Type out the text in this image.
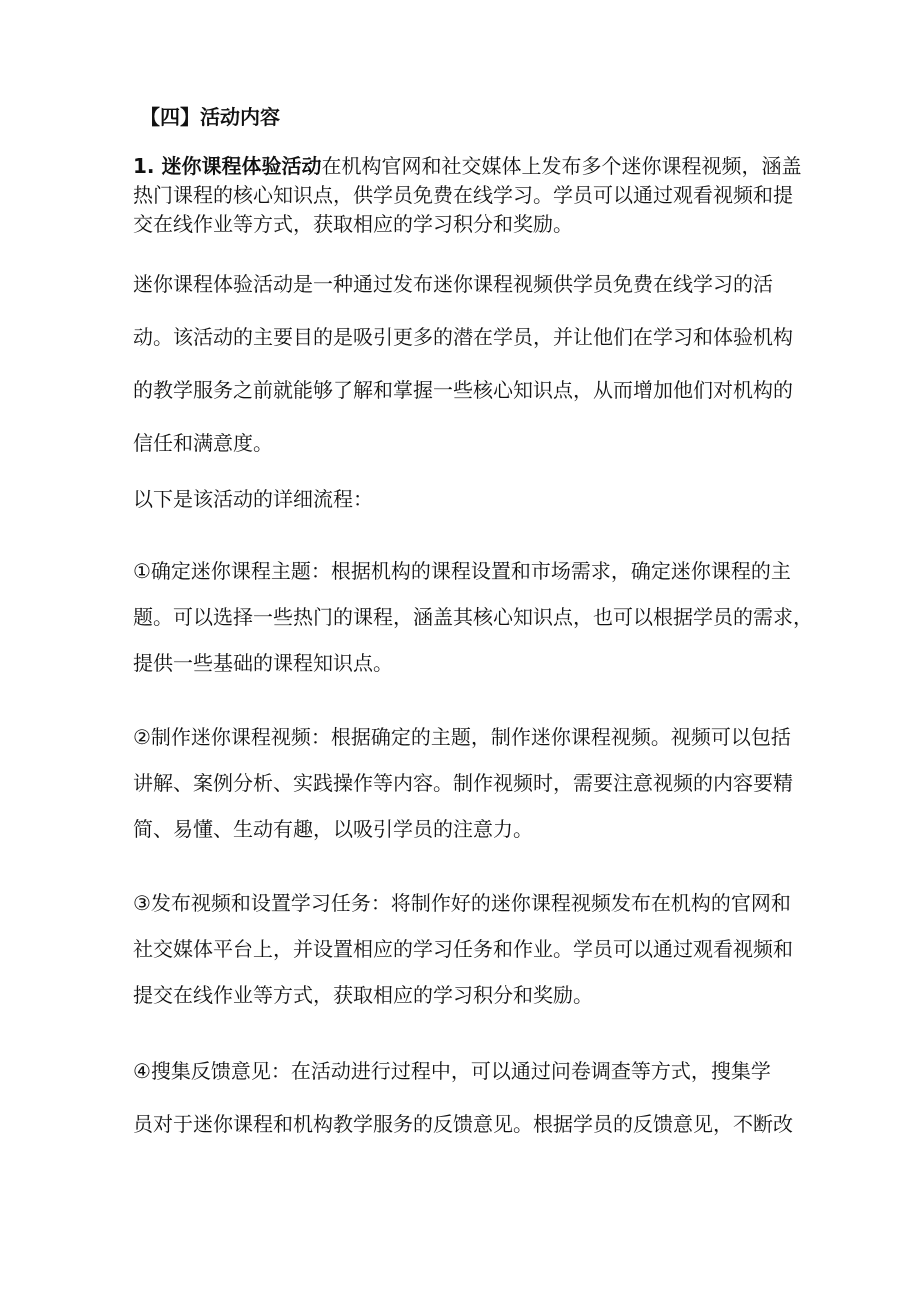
【四】活动内容
1. 迷你课程体验活动在机构官网和社交媒体上发布多个迷你课程视频，涵盖
热门课程的核心知识点，供学员免费在线学习。学员可以通过观看视频和提
交在线作业等方式，获取相应的学习积分和奖励。
迷你课程体验活动是一种通过发布迷你课程视频供学员免费在线学习的活
动。该活动的主要目的是吸引更多的潜在学员，并让他们在学习和体验机构
的教学服务之前就能够了解和掌握一些核心知识点，从而增加他们对机构的
信任和满意度。
以下是该活动的详细流程：
①确定迷你课程主题：根据机构的课程设置和市场需求，确定迷你课程的主
题。可以选择一些热门的课程，涵盖其核心知识点，也可以根据学员的需求，
提供一些基础的课程知识点。
②制作迷你课程视频：根据确定的主题，制作迷你课程视频。视频可以包括
讲解、案例分析、实践操作等内容。制作视频时，需要注意视频的内容要精
简、易懂、生动有趣，以吸引学员的注意力。
③发布视频和设置学习任务：将制作好的迷你课程视频发布在机构的官网和
社交媒体平台上，并设置相应的学习任务和作业。学员可以通过观看视频和
提交在线作业等方式，获取相应的学习积分和奖励。
④搜集反馈意见：在活动进行过程中，可以通过问卷调查等方式，搜集学
员对于迷你课程和机构教学服务的反馈意见。根据学员的反馈意见，不断改
